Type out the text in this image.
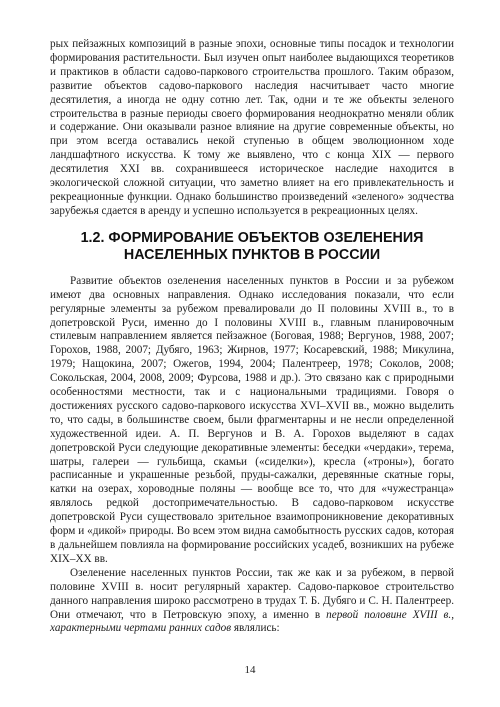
рых пейзажных композиций в разные эпохи, основные типы посадок и технологии формирования растительности. Был изучен опыт наиболее выдающихся теоретиков и практиков в области садово-паркового строительства прошлого. Таким образом, развитие объектов садово-паркового наследия насчитывает часто многие десятилетия, а иногда не одну сотню лет. Так, одни и те же объекты зеленого строительства в разные периоды своего формирования неоднократно меняли облик и содержание. Они оказывали разное влияние на другие современные объекты, но при этом всегда оставались некой ступенью в общем эволюционном ходе ландшафтного искусства. К тому же выявлено, что с конца XIX — первого десятилетия XXI вв. сохранившееся историческое наследие находится в экологической сложной ситуации, что заметно влияет на его привлекательность и рекреационные функции. Однако большинство произведений «зеленого» зодчества зарубежья сдается в аренду и успешно используется в рекреационных целях.

1.2. ФОРМИРОВАНИЕ ОБЪЕКТОВ ОЗЕЛЕНЕНИЯ
НАСЕЛЕННЫХ ПУНКТОВ В РОССИИ

Развитие объектов озеленения населенных пунктов в России и за рубежом имеют два основных направления. Однако исследования показали, что если регулярные элементы за рубежом превалировали до II половины XVIII в., то в допетровской Руси, именно до I половины XVIII в., главным планировочным стилевым направлением является пейзажное (Боговая, 1988; Вергунов, 1988, 2007; Горохов, 1988, 2007; Дубяго, 1963; Жирнов, 1977; Косаревский, 1988; Микулина, 1979; Нащокина, 2007; Ожегов, 1994, 2004; Палентреер, 1978; Соколов, 2008; Сокольская, 2004, 2008, 2009; Фурсова, 1988 и др.). Это связано как с природными особенностями местности, так и с национальными традициями. Говоря о достижениях русского садово-паркового искусства XVI–XVII вв., можно выделить то, что сады, в большинстве своем, были фрагментарны и не несли определенной художественной идеи. А. П. Вергунов и В. А. Горохов выделяют в садах допетровской Руси следующие декоративные элементы: беседки «чердаки», терема, шатры, галереи — гульбища, скамьи («сиделки»), кресла («троны»), богато расписанные и украшенные резьбой, пруды-сажалки, деревянные скатные горы, катки на озерах, хороводные поляны — вообще все то, что для «чужестранца» являлось редкой достопримечательностью. В садово-парковом искусстве допетровской Руси существовало зрительное взаимопроникновение декоративных форм и «дикой» природы. Во всем этом видна самобытность русских садов, которая в дальнейшем повлияла на формирование российских усадеб, возникших на рубеже XIX–XX вв.

Озеленение населенных пунктов России, так же как и за рубежом, в первой половине XVIII в. носит регулярный характер. Садово-парковое строительство данного направления широко рассмотрено в трудах Т. Б. Дубяго и С. Н. Палентреер. Они отмечают, что в Петровскую эпоху, а именно в первой половине XVIII в., характерными чертами ранних садов являлись:

14
